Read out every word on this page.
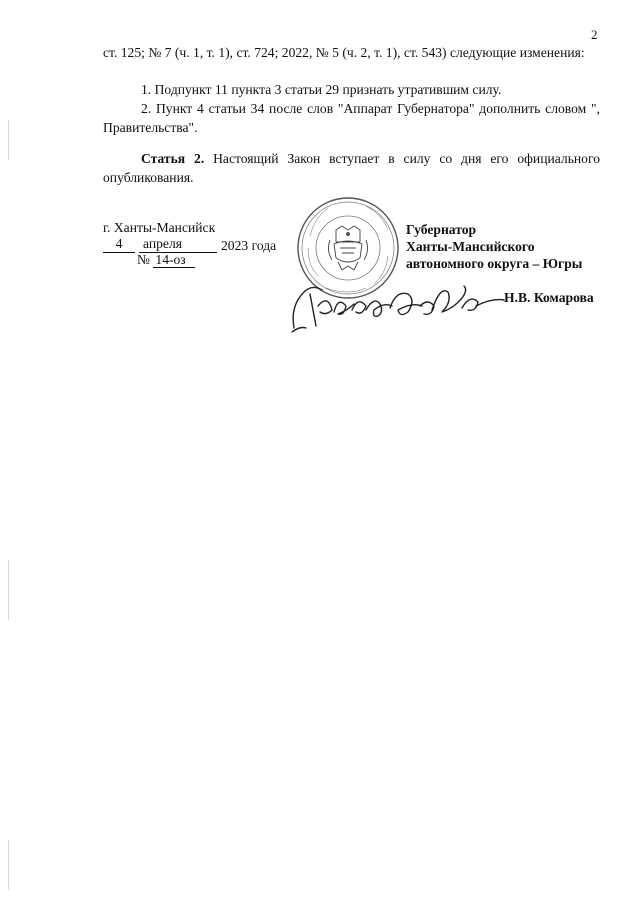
2
ст. 125; № 7 (ч. 1, т. 1), ст. 724; 2022, № 5 (ч. 2, т. 1), ст. 543) следующие изменения:
1. Подпункт 11 пункта 3 статьи 29 признать утратившим силу.
2. Пункт 4 статьи 34 после слов "Аппарат Губернатора" дополнить словом ", Правительства".
Статья 2. Настоящий Закон вступает в силу со дня его официального опубликования.
г. Ханты-Мансийск
4	апреля	2023 года
№ 14-оз
Губернатор
Ханты-Мансийского
автономного округа – Югры
Н.В. Комарова
